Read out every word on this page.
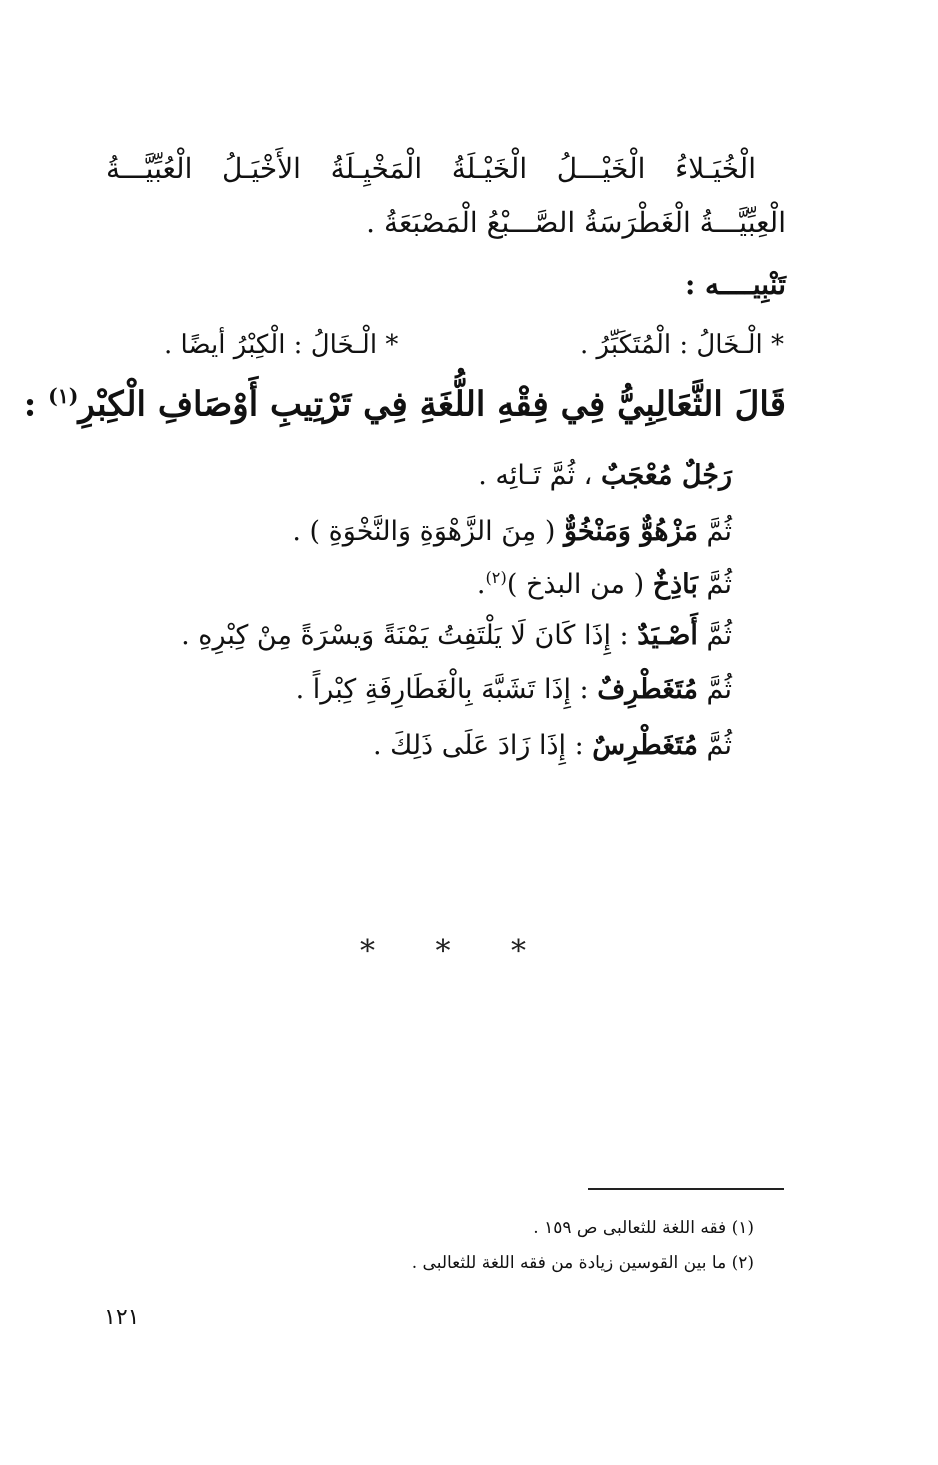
الْخُيَـلاءُ
الْخَيْـــلُ
الْخَيْـلَةُ
الْمَخْيِـلَةُ
الأَخْيَـلُ
الْعُبِّيَّـــةُ
الْعِبِّيَّـــةُ الْغَطْرَسَةُ الصَّـــبْعُ الْمَصْبَعَةُ .
تَنْبِيــــه :
* الْـخَالُ : الْمُتَكَبِّرُ .
* الْـخَالُ : الْكِبْرُ أيضًا .
قَالَ الثَّعَالِبِيُّ فِي فِقْهِ اللُّغَةِ فِي تَرْتِيبِ أَوْصَافِ الْكِبْرِ$^{(١)}$ :
رَجُلٌ مُعْجَبٌ ، ثُمَّ تَـائِه .
ثُمَّ مَزْهُوٌّ وَمَنْخُوٌّ ( مِنَ الزَّهْوَةِ وَالنَّخْوَةِ ) .
ثُمَّ بَاذِخٌ ( من البذخ )$^{(٢)}$.
ثُمَّ أَصْـيَدٌ : إِذَا كَانَ لَا يَلْتَفِتُ يَمْنَةً وَيسْرَةً مِنْ كِبْرِهِ .
ثُمَّ مُتَغَطْرِفٌ : إِذَا تَشَبَّهَ بِالْغَطَارِفَةِ كِبْراً .
ثُمَّ مُتَغَطْرِسٌ : إِذَا زَادَ عَلَى ذَلِكَ .
* * *
(١) فقه اللغة للثعالبى ص ١٥٩ .
(٢) ما بين القوسين زيادة من فقه اللغة للثعالبى .
١٢١
